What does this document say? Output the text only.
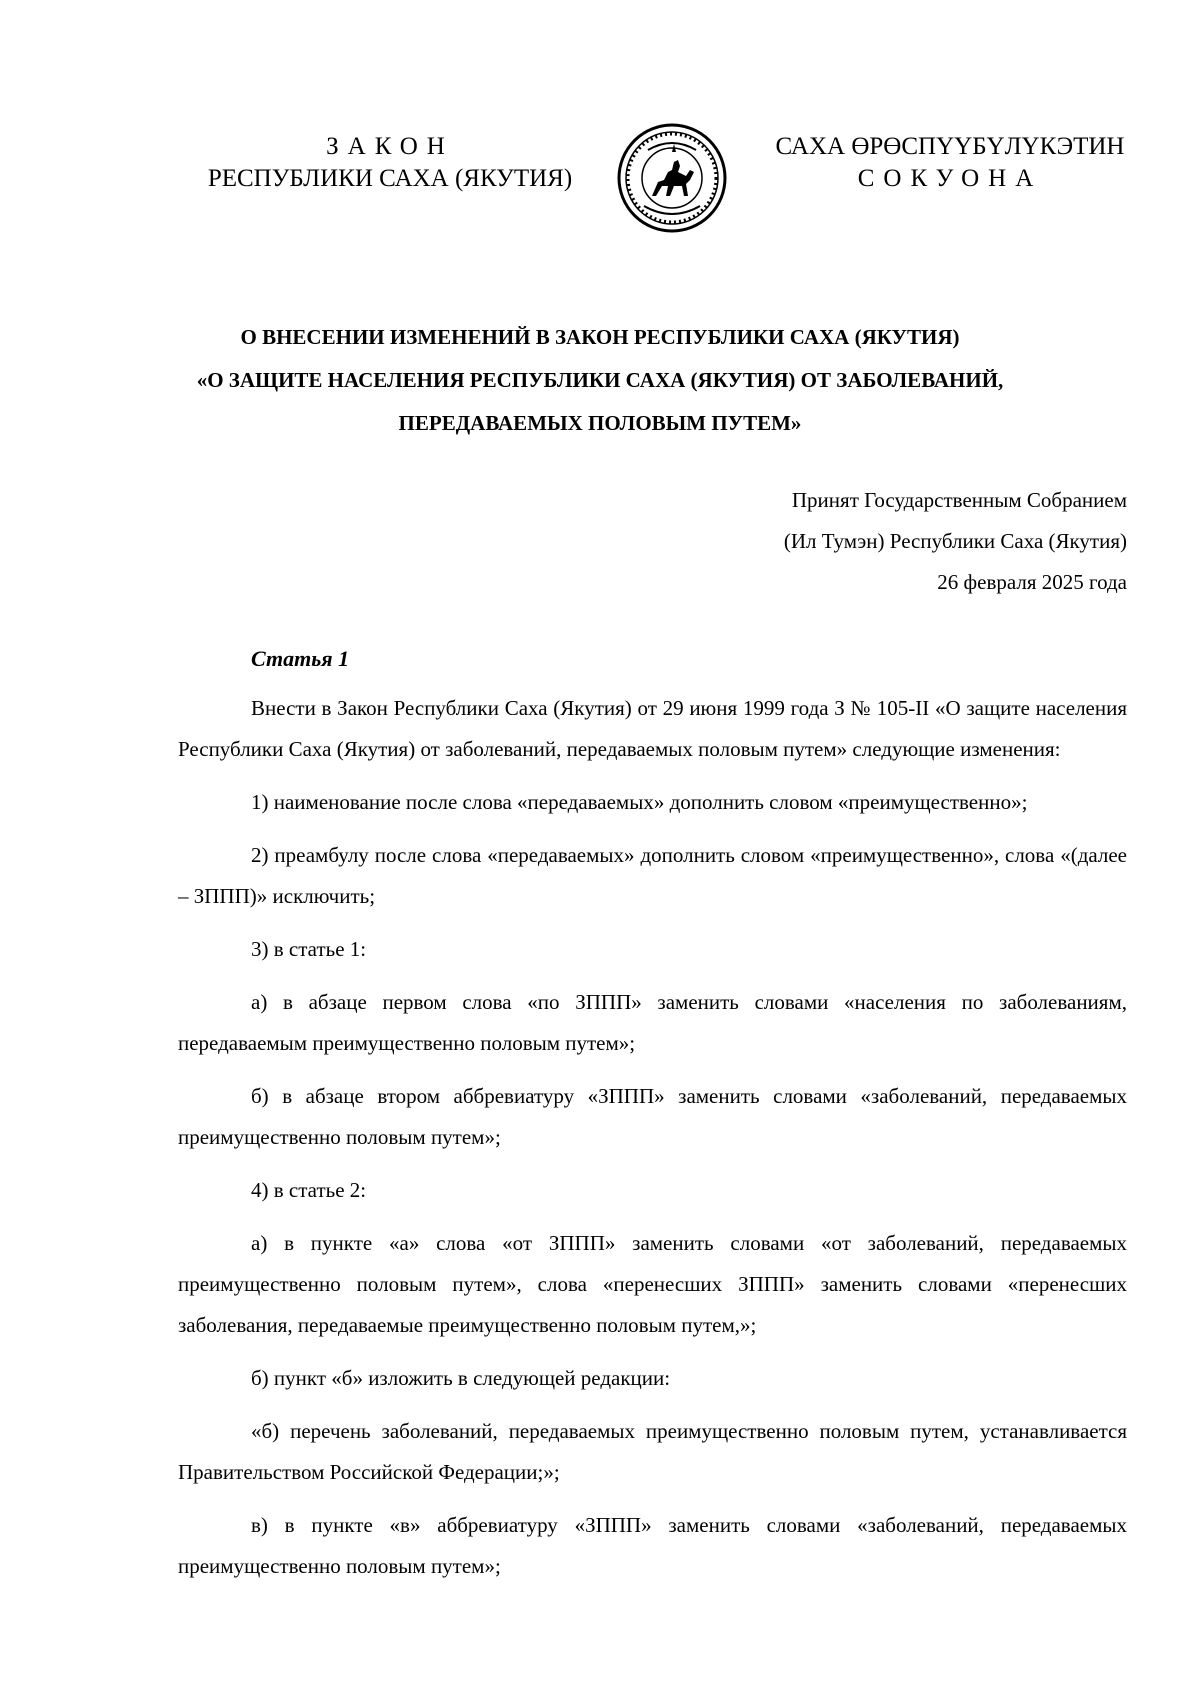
ЗАКОН
РЕСПУБЛИКИ САХА (ЯКУТИЯ)
САХА ӨРӨСПҮҮБҮЛҮКЭТИН
СОКУОНА
О ВНЕСЕНИИ ИЗМЕНЕНИЙ В ЗАКОН РЕСПУБЛИКИ САХА (ЯКУТИЯ)
«О ЗАЩИТЕ НАСЕЛЕНИЯ РЕСПУБЛИКИ САХА (ЯКУТИЯ) ОТ ЗАБОЛЕВАНИЙ,
ПЕРЕДАВАЕМЫХ ПОЛОВЫМ ПУТЕМ»
Принят Государственным Собранием
(Ил Тумэн) Республики Саха (Якутия)
26 февраля 2025 года
Статья 1

Внести в Закон Республики Саха (Якутия) от 29 июня 1999 года З № 105-II «О защите населения Республики Саха (Якутия) от заболеваний, передаваемых половым путем» следующие изменения:

1) наименование после слова «передаваемых» дополнить словом «преимущественно»;

2) преамбулу после слова «передаваемых» дополнить словом «преимущественно», слова «(далее – ЗППП)» исключить;

3) в статье 1:

а) в абзаце первом слова «по ЗППП» заменить словами «населения по заболеваниям, передаваемым преимущественно половым путем»;

б) в абзаце втором аббревиатуру «ЗППП» заменить словами «заболеваний, передаваемых преимущественно половым путем»;

4) в статье 2:

а) в пункте «а» слова «от ЗППП» заменить словами «от заболеваний, передаваемых преимущественно половым путем», слова «перенесших ЗППП» заменить словами «перенесших заболевания, передаваемые преимущественно половым путем,»;

б) пункт «б» изложить в следующей редакции:

«б) перечень заболеваний, передаваемых преимущественно половым путем, устанавливается Правительством Российской Федерации;»;

в) в пункте «в» аббревиатуру «ЗППП» заменить словами «заболеваний, передаваемых преимущественно половым путем»;
